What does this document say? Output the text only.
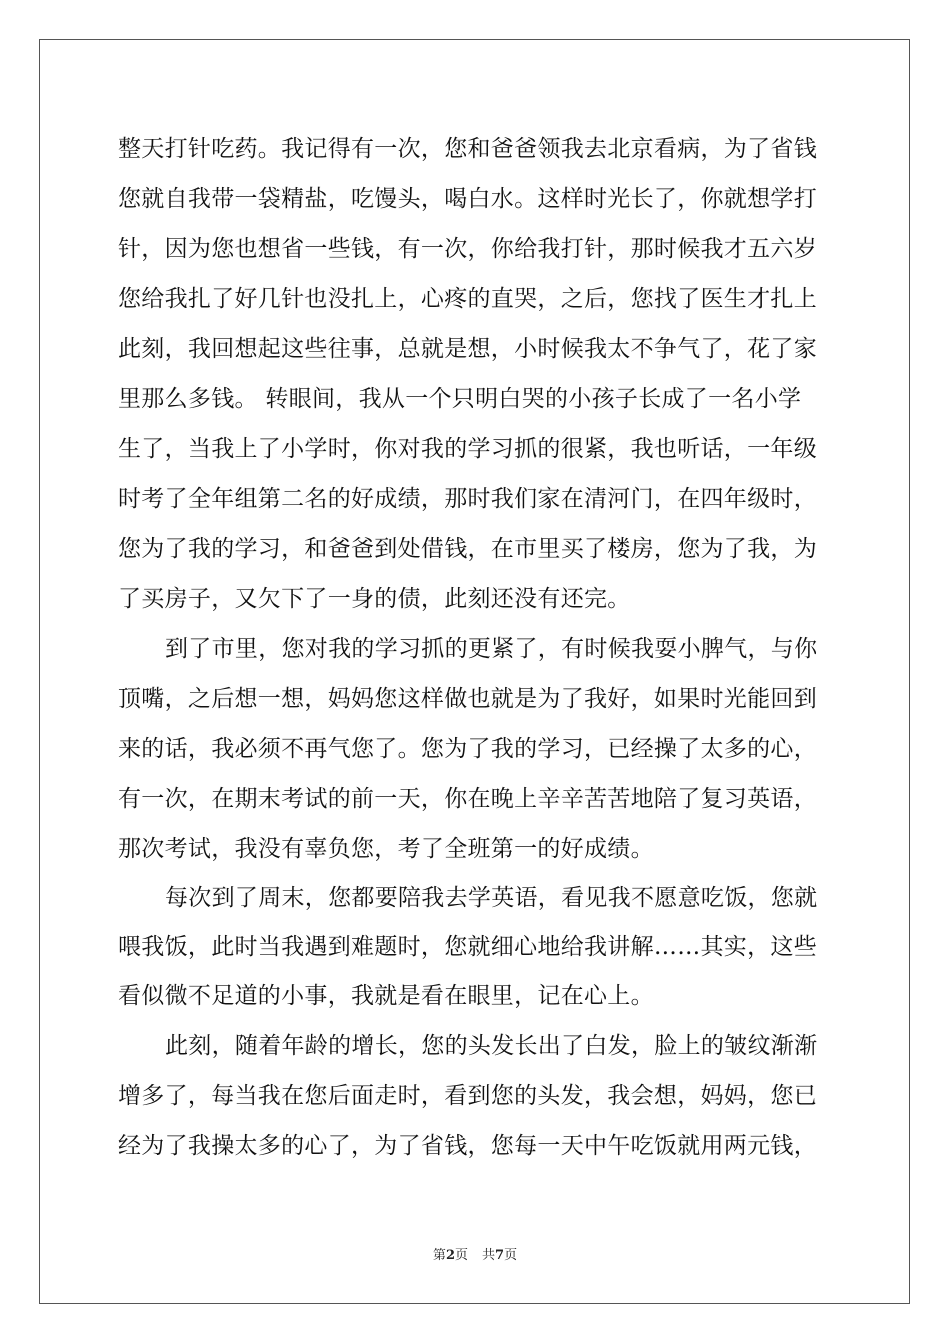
整天打针吃药。我记得有一次，您和爸爸领我去北京看病，为了省钱
您就自我带一袋精盐，吃馒头，喝白水。这样时光长了，你就想学打
针，因为您也想省一些钱，有一次，你给我打针，那时候我才五六岁
您给我扎了好几针也没扎上，心疼的直哭，之后，您找了医生才扎上
此刻，我回想起这些往事，总就是想，小时候我太不争气了，花了家
里那么多钱。 转眼间，我从一个只明白哭的小孩子长成了一名小学
生了，当我上了小学时，你对我的学习抓的很紧，我也听话，一年级
时考了全年组第二名的好成绩，那时我们家在清河门，在四年级时，
您为了我的学习，和爸爸到处借钱，在市里买了楼房，您为了我，为
了买房子，又欠下了一身的债，此刻还没有还完。
到了市里，您对我的学习抓的更紧了，有时候我耍小脾气，与你
顶嘴，之后想一想，妈妈您这样做也就是为了我好，如果时光能回到
来的话，我必须不再气您了。您为了我的学习，已经操了太多的心，
有一次，在期末考试的前一天，你在晚上辛辛苦苦地陪了复习英语，
那次考试，我没有辜负您，考了全班第一的好成绩。
每次到了周末，您都要陪我去学英语，看见我不愿意吃饭，您就
喂我饭，此时当我遇到难题时，您就细心地给我讲解……其实，这些
看似微不足道的小事，我就是看在眼里，记在心上。
此刻，随着年龄的增长，您的头发长出了白发，脸上的皱纹渐渐
增多了，每当我在您后面走时，看到您的头发，我会想，妈妈，您已
经为了我操太多的心了，为了省钱，您每一天中午吃饭就用两元钱，
第2页 共7页
